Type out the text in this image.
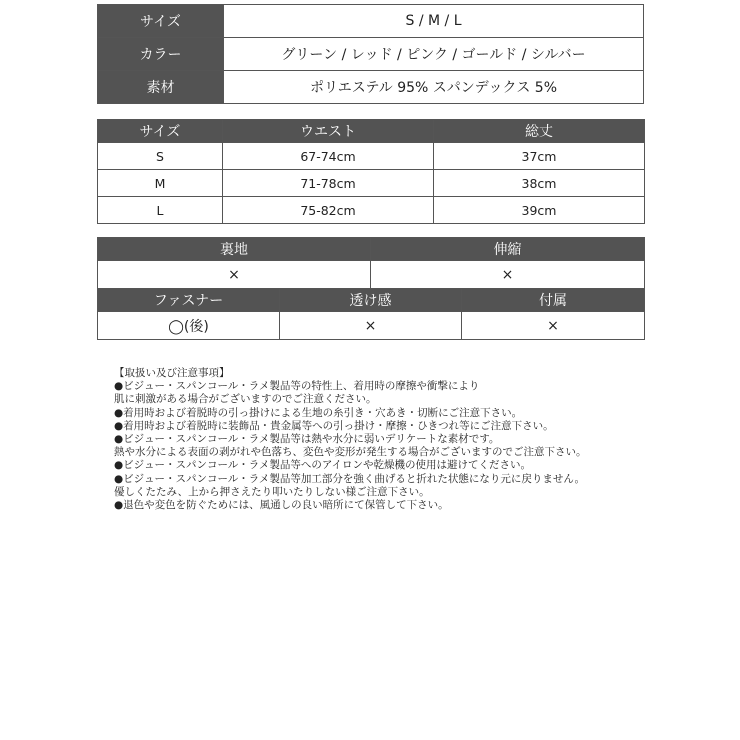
サイズ	S / M / L
カラー	グリーン / レッド / ピンク / ゴールド / シルバー
素材	ポリエステル 95% スパンデックス 5%
サイズ	ウエスト	総丈
S	67-74cm	37cm
M	71-78cm	38cm
L	75-82cm	39cm
裏地	伸縮
×	×
ファスナー	透け感	付属
◯(後)	×	×
【取扱い及び注意事項】
●ビジュー・スパンコール・ラメ製品等の特性上、着用時の摩擦や衝撃により
肌に刺激がある場合がございますのでご注意ください。
●着用時および着脱時の引っ掛けによる生地の糸引き・穴あき・切断にご注意下さい。
●着用時および着脱時に装飾品・貴金属等への引っ掛け・摩擦・ひきつれ等にご注意下さい。
●ビジュー・スパンコール・ラメ製品等は熱や水分に弱いデリケートな素材です。
熱や水分による表面の剥がれや色落ち、変色や変形が発生する場合がございますのでご注意下さい。
●ビジュー・スパンコール・ラメ製品等へのアイロンや乾燥機の使用は避けてください。
●ビジュー・スパンコール・ラメ製品等加工部分を強く曲げると折れた状態になり元に戻りません。
優しくたたみ、上から押さえたり叩いたりしない様ご注意下さい。
●退色や変色を防ぐためには、風通しの良い暗所にて保管して下さい。
